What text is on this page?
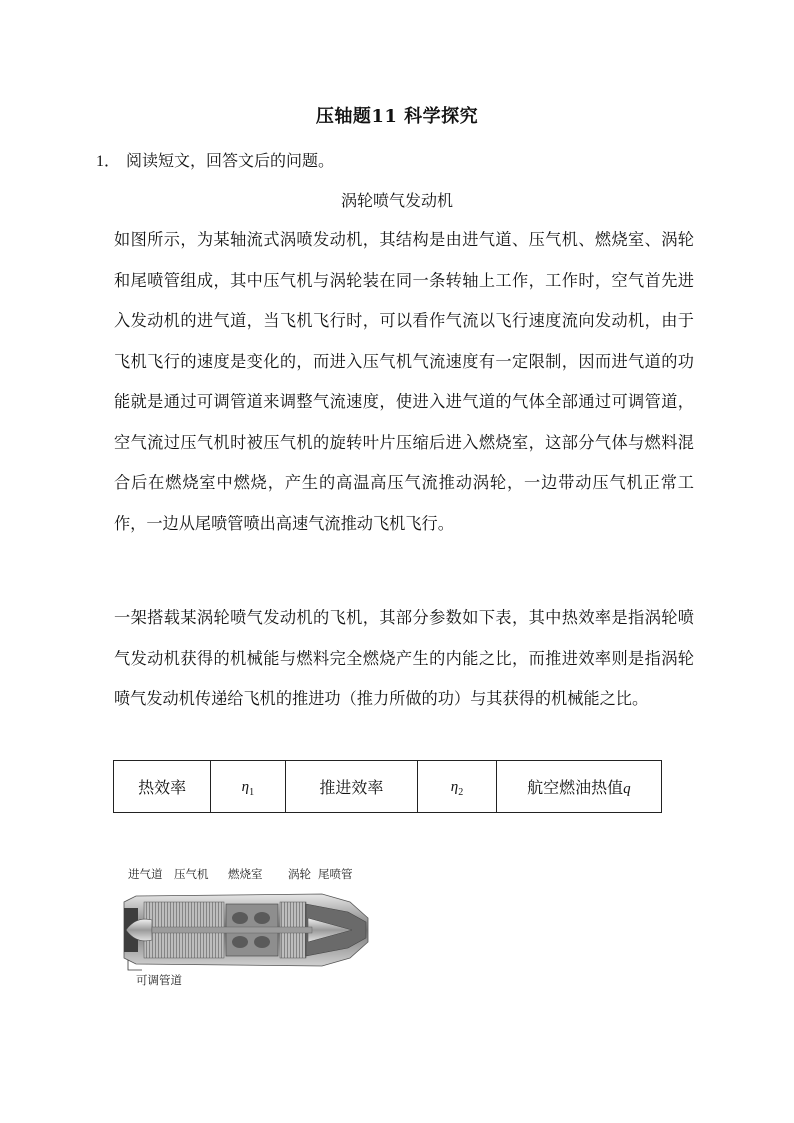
压轴题11 科学探究
1． 阅读短文，回答文后的问题。
涡轮喷气发动机

如图所示，为某轴流式涡喷发动机，其结构是由进气道、压气机、燃烧室、涡轮和尾喷管组成，其中压气机与涡轮装在同一条转轴上工作，工作时，空气首先进入发动机的进气道，当飞机飞行时，可以看作气流以飞行速度流向发动机，由于飞机飞行的速度是变化的，而进入压气机气流速度有一定限制，因而进气道的功能就是通过可调管道来调整气流速度，使进入进气道的气体全部通过可调管道，空气流过压气机时被压气机的旋转叶片压缩后进入燃烧室，这部分气体与燃料混合后在燃烧室中燃烧，产生的高温高压气流推动涡轮，一边带动压气机正常工作，一边从尾喷管喷出高速气流推动飞机飞行。

一架搭载某涡轮喷气发动机的飞机，其部分参数如下表，其中热效率是指涡轮喷气发动机获得的机械能与燃料完全燃烧产生的内能之比，而推进效率则是指涡轮喷气发动机传递给飞机的推进功（推力所做的功）与其获得的机械能之比。

热效率	$\eta_1$	推进效率	$\eta_2$	航空燃油热值q
进气道 压气机 燃烧室 涡轮 尾喷管
可调管道
